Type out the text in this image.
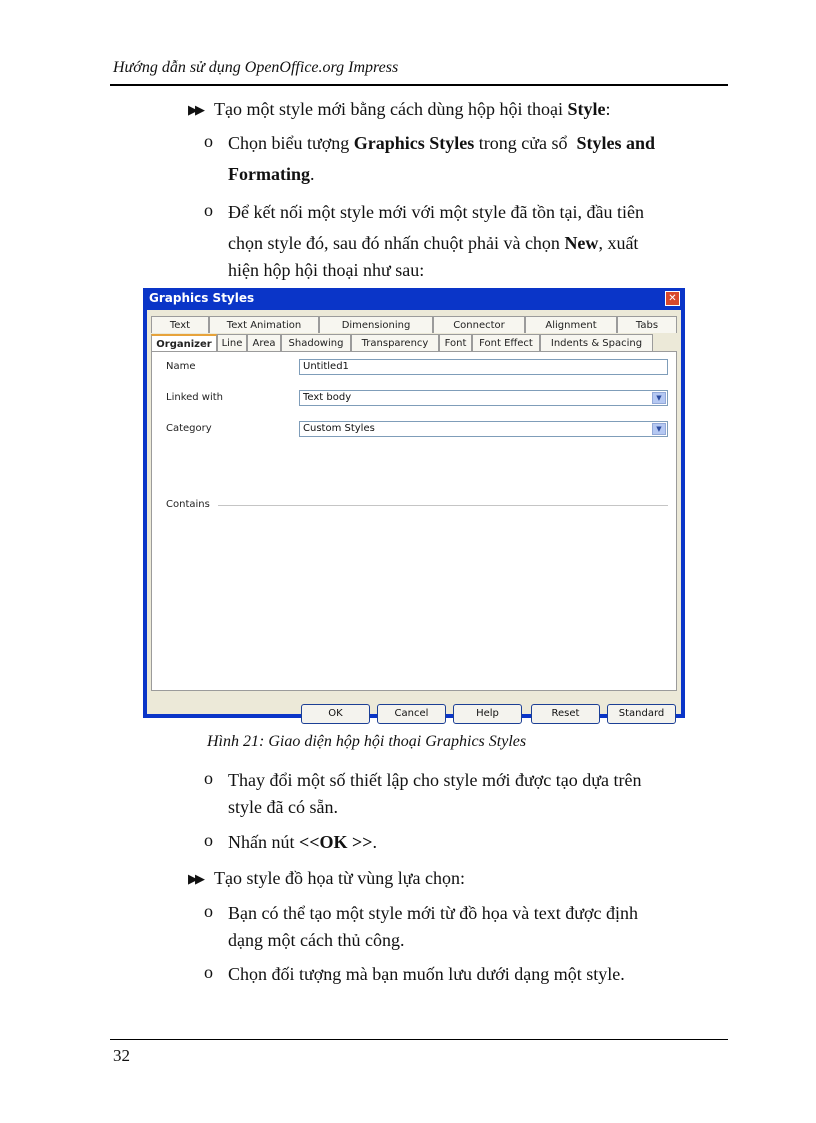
Hướng dẫn sử dụng OpenOffice.org Impress
▶▶ Tạo một style mới bằng cách dùng hộp hội thoại Style:
o Chọn biểu tượng Graphics Styles trong cửa sổ  Styles and
Formating.
o Để kết nối một style mới với một style đã tồn tại, đầu tiên
chọn style đó, sau đó nhấn chuột phải và chọn New, xuất
hiện hộp hội thoại như sau:
Graphics Styles	✕
Text	Text Animation	Dimensioning	Connector	Alignment	Tabs
Organizer Line	Area	Shadowing	Transparency	Font	Font Effect	Indents & Spacing
Name	Untitled1
Linked with	Text body	▼
Category	Custom Styles	▼
Contains
OK	Cancel	Help	Reset	Standard
Hình 21: Giao diện hộp hội thoại Graphics Styles
o Thay đổi một số thiết lập cho style mới được tạo dựa trên
style đã có sẵn.
o Nhấn nút <<OK >>.
▶▶ Tạo style đồ họa từ vùng lựa chọn:
o Bạn có thể tạo một style mới từ đồ họa và text được định
dạng một cách thủ công.
o Chọn đối tượng mà bạn muốn lưu dưới dạng một style.
32
